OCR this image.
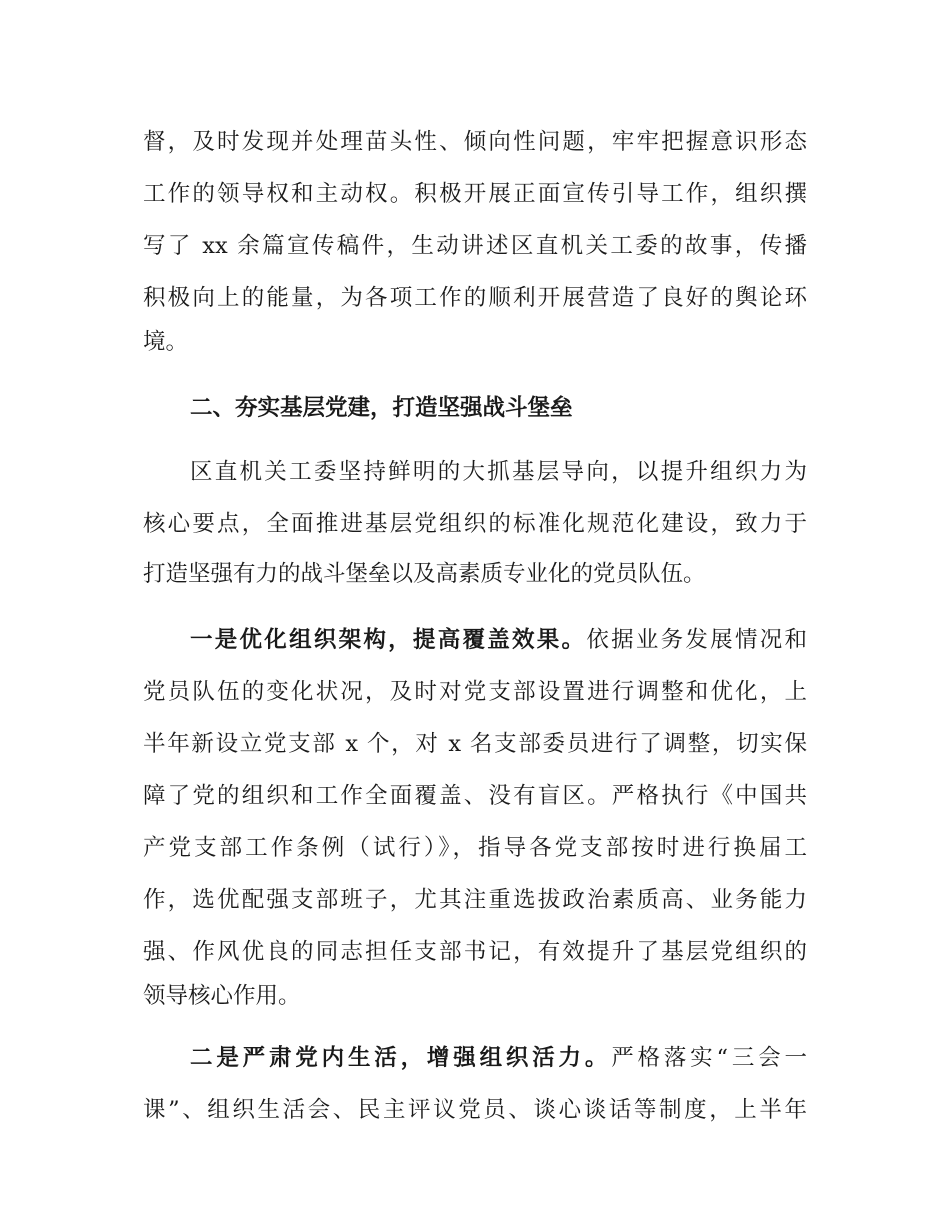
督，及时发现并处理苗头性、倾向性问题，牢牢把握意识形态
工作的领导权和主动权。积极开展正面宣传引导工作，组织撰
写了 xx 余篇宣传稿件，生动讲述区直机关工委的故事，传播
积极向上的能量，为各项工作的顺利开展营造了良好的舆论环
境。
二、夯实基层党建，打造坚强战斗堡垒
区直机关工委坚持鲜明的大抓基层导向，以提升组织力为
核心要点，全面推进基层党组织的标准化规范化建设，致力于
打造坚强有力的战斗堡垒以及高素质专业化的党员队伍。
一是优化组织架构，提高覆盖效果。依据业务发展情况和
党员队伍的变化状况，及时对党支部设置进行调整和优化，上
半年新设立党支部 x 个，对 x 名支部委员进行了调整，切实保
障了党的组织和工作全面覆盖、没有盲区。严格执行《中国共
产党支部工作条例（试行）》，指导各党支部按时进行换届工
作，选优配强支部班子，尤其注重选拔政治素质高、业务能力
强、作风优良的同志担任支部书记，有效提升了基层党组织的
领导核心作用。
二是严肃党内生活，增强组织活力。严格落实“三会一
课”、组织生活会、民主评议党员、谈心谈话等制度，上半年
